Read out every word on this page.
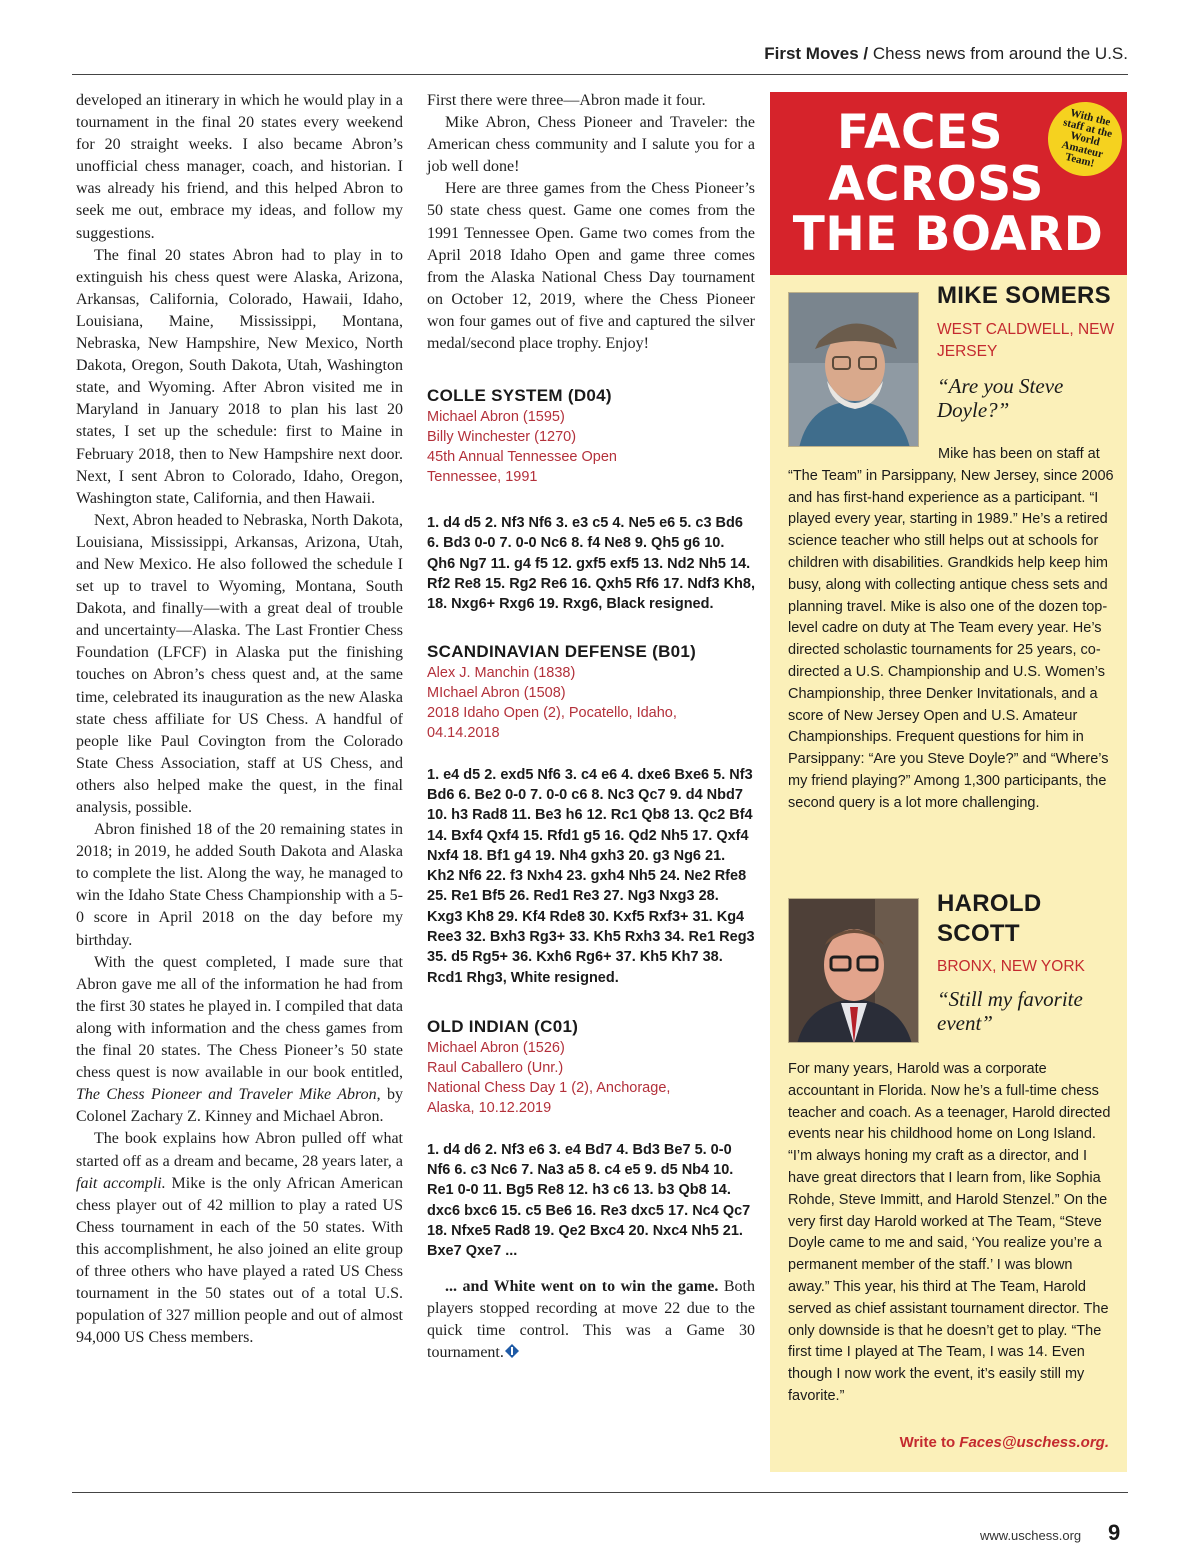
First Moves / Chess news from around the U.S.

developed an itinerary in which he would play in a tournament in the final 20 states every weekend for 20 straight weeks. I also became Abron’s unofficial chess manager, coach, and historian. I was already his friend, and this helped Abron to seek me out, embrace my ideas, and follow my suggestions.

The final 20 states Abron had to play in to extinguish his chess quest were Alaska, Arizona, Arkansas, California, Colorado, Hawaii, Idaho, Louisiana, Maine, Mississippi, Montana, Nebraska, New Hampshire, New Mexico, North Dakota, Oregon, South Dakota, Utah, Washington state, and Wyoming. After Abron visited me in Maryland in January 2018 to plan his last 20 states, I set up the schedule: first to Maine in February 2018, then to New Hampshire next door. Next, I sent Abron to Colorado, Idaho, Oregon, Washington state, California, and then Hawaii.

Next, Abron headed to Nebraska, North Dakota, Louisiana, Mississippi, Arkansas, Arizona, Utah, and New Mexico. He also followed the schedule I set up to travel to Wyoming, Montana, South Dakota, and finally—with a great deal of trouble and uncertainty—Alaska. The Last Frontier Chess Foundation (LFCF) in Alaska put the finishing touches on Abron’s chess quest and, at the same time, celebrated its inauguration as the new Alaska state chess affiliate for US Chess. A handful of people like Paul Covington from the Colorado State Chess Association, staff at US Chess, and others also helped make the quest, in the final analysis, possible.

Abron finished 18 of the 20 remaining states in 2018; in 2019, he added South Dakota and Alaska to complete the list. Along the way, he managed to win the Idaho State Chess Championship with a 5-0 score in April 2018 on the day before my birthday.

With the quest completed, I made sure that Abron gave me all of the information he had from the first 30 states he played in. I compiled that data along with information and the chess games from the final 20 states. The Chess Pioneer’s 50 state chess quest is now available in our book entitled, The Chess Pioneer and Traveler Mike Abron, by Colonel Zachary Z. Kinney and Michael Abron.

The book explains how Abron pulled off what started off as a dream and became, 28 years later, a fait accompli. Mike is the only African American chess player out of 42 million to play a rated US Chess tournament in each of the 50 states. With this accomplishment, he also joined an elite group of three others who have played a rated US Chess tournament in the 50 states out of a total U.S. population of 327 million people and out of almost 94,000 US Chess members.

First there were three—Abron made it four.

Mike Abron, Chess Pioneer and Traveler: the American chess community and I salute you for a job well done!

Here are three games from the Chess Pioneer’s 50 state chess quest. Game one comes from the 1991 Tennessee Open. Game two comes from the April 2018 Idaho Open and game three comes from the Alaska National Chess Day tournament on October 12, 2019, where the Chess Pioneer won four games out of five and captured the silver medal/second place trophy. Enjoy!

COLLE SYSTEM (D04)
Michael Abron (1595)
Billy Winchester (1270)
45th Annual Tennessee Open
Tennessee, 1991
1. d4 d5 2. Nf3 Nf6 3. e3 c5 4. Ne5 e6 5. c3 Bd6 6. Bd3 0-0 7. 0-0 Nc6 8. f4 Ne8 9. Qh5 g6 10. Qh6 Ng7 11. g4 f5 12. gxf5 exf5 13. Nd2 Nh5 14. Rf2 Re8 15. Rg2 Re6 16. Qxh5 Rf6 17. Ndf3 Kh8, 18. Nxg6+ Rxg6 19. Rxg6, Black resigned.
SCANDINAVIAN DEFENSE (B01)
Alex J. Manchin (1838)
MIchael Abron (1508)
2018 Idaho Open (2), Pocatello, Idaho,
04.14.2018
1. e4 d5 2. exd5 Nf6 3. c4 e6 4. dxe6 Bxe6 5. Nf3 Bd6 6. Be2 0-0 7. 0-0 c6 8. Nc3 Qc7 9. d4 Nbd7 10. h3 Rad8 11. Be3 h6 12. Rc1 Qb8 13. Qc2 Bf4 14. Bxf4 Qxf4 15. Rfd1 g5 16. Qd2 Nh5 17. Qxf4 Nxf4 18. Bf1 g4 19. Nh4 gxh3 20. g3 Ng6 21. Kh2 Nf6 22. f3 Nxh4 23. gxh4 Nh5 24. Ne2 Rfe8 25. Re1 Bf5 26. Red1 Re3 27. Ng3 Nxg3 28. Kxg3 Kh8 29. Kf4 Rde8 30. Kxf5 Rxf3+ 31. Kg4 Ree3 32. Bxh3 Rg3+ 33. Kh5 Rxh3 34. Re1 Reg3 35. d5 Rg5+ 36. Kxh6 Rg6+ 37. Kh5 Kh7 38. Rcd1 Rhg3, White resigned.
OLD INDIAN (C01)
Michael Abron (1526)
Raul Caballero (Unr.)
National Chess Day 1 (2), Anchorage,
Alaska, 10.12.2019
1. d4 d6 2. Nf3 e6 3. e4 Bd7 4. Bd3 Be7 5. 0-0 Nf6 6. c3 Nc6 7. Na3 a5 8. c4 e5 9. d5 Nb4 10. Re1 0-0 11. Bg5 Re8 12. h3 c6 13. b3 Qb8 14. dxc6 bxc6 15. c5 Be6 16. Re3 dxc5 17. Nc4 Qc7 18. Nfxe5 Rad8 19. Qe2 Bxc4 20. Nxc4 Nh5 21. Bxe7 Qxe7 ...

... and White went on to win the game. Both players stopped recording at move 22 due to the quick time control. This was a Game 30 tournament.

FACES
ACROSS
THE BOARD
With the staff at the World Amateur Team!
MIKE SOMERS
WEST CALDWELL, NEW JERSEY
“Are you Steve Doyle?”
Mike has been on staff at “The Team” in Parsippany, New Jersey, since 2006 and has first-hand experience as a participant. “I played every year, starting in 1989.” He’s a retired science teacher who still helps out at schools for children with disabilities. Grandkids help keep him busy, along with collecting antique chess sets and planning travel. Mike is also one of the dozen top-level cadre on duty at The Team every year. He’s directed scholastic tournaments for 25 years, co-directed a U.S. Championship and U.S. Women’s Championship, three Denker Invitationals, and a score of New Jersey Open and U.S. Amateur Championships. Frequent questions for him in Parsippany: “Are you Steve Doyle?” and “Where’s my friend playing?” Among 1,300 participants, the second query is a lot more challenging.
HAROLD SCOTT
BRONX, NEW YORK
“Still my favorite event”
For many years, Harold was a corporate accountant in Florida. Now he’s a full-time chess teacher and coach. As a teenager, Harold directed events near his childhood home on Long Island. “I’m always honing my craft as a director, and I have great directors that I learn from, like Sophia Rohde, Steve Immitt, and Harold Stenzel.” On the very first day Harold worked at The Team, “Steve Doyle came to me and said, ‘You realize you’re a permanent member of the staff.’ I was blown away.” This year, his third at The Team, Harold served as chief assistant tournament director. The only downside is that he doesn’t get to play. “The first time I played at The Team, I was 14. Even though I now work the event, it’s easily still my favorite.”
Write to Faces@uschess.org.
www.uschess.org 9
